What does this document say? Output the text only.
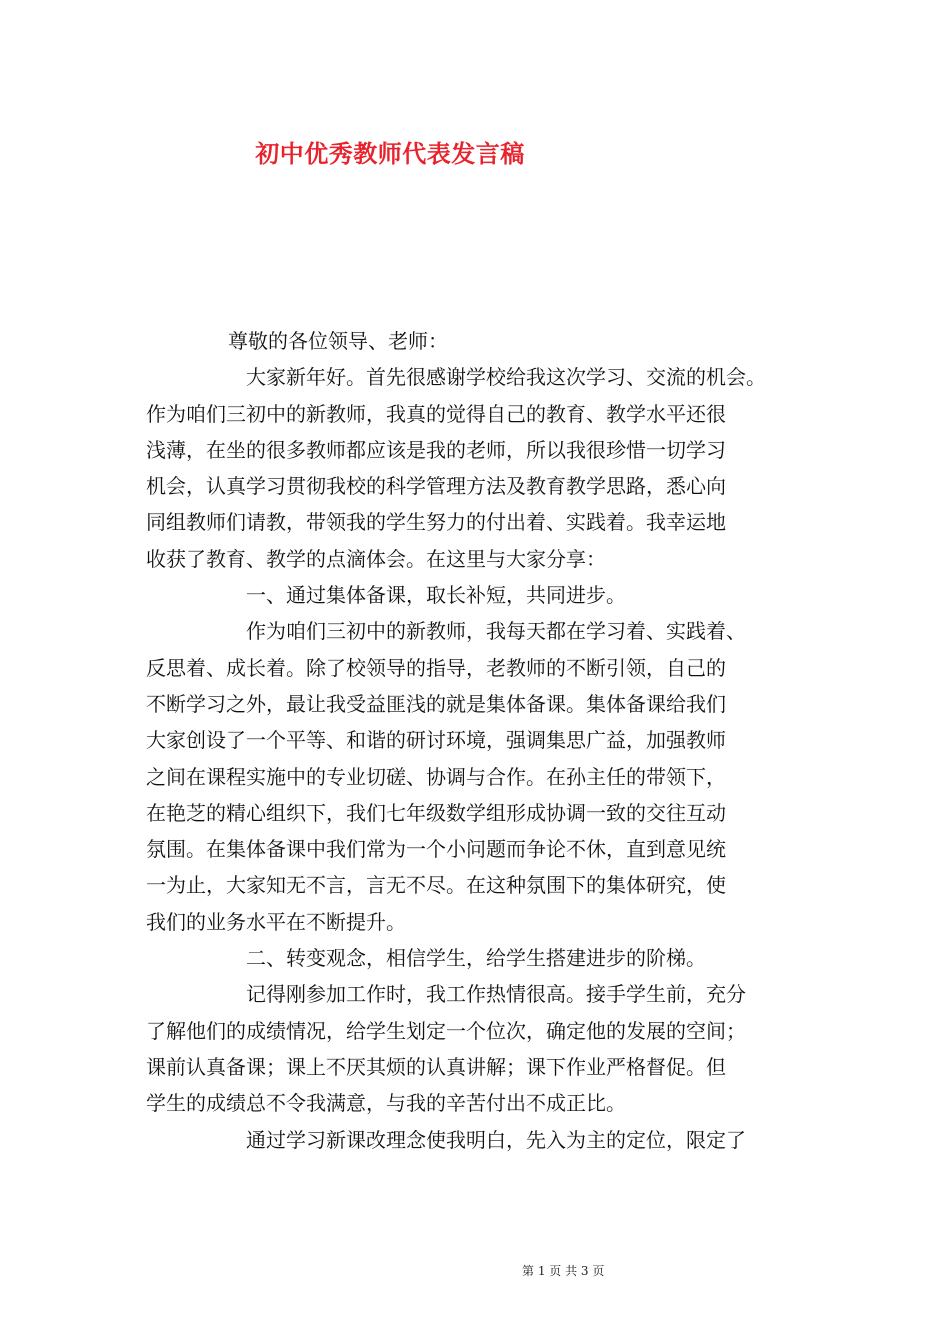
初中优秀教师代表发言稿

尊敬的各位领导、老师：

大家新年好。首先很感谢学校给我这次学习、交流的机会。

作为咱们三初中的新教师，我真的觉得自己的教育、教学水平还很

浅薄，在坐的很多教师都应该是我的老师，所以我很珍惜一切学习

机会，认真学习贯彻我校的科学管理方法及教育教学思路，悉心向

同组教师们请教，带领我的学生努力的付出着、实践着。我幸运地

收获了教育、教学的点滴体会。在这里与大家分享：

一、通过集体备课，取长补短，共同进步。

作为咱们三初中的新教师，我每天都在学习着、实践着、

反思着、成长着。除了校领导的指导，老教师的不断引领，自己的

不断学习之外，最让我受益匪浅的就是集体备课。集体备课给我们

大家创设了一个平等、和谐的研讨环境，强调集思广益，加强教师

之间在课程实施中的专业切磋、协调与合作。在孙主任的带领下，

在艳芝的精心组织下，我们七年级数学组形成协调一致的交往互动

氛围。在集体备课中我们常为一个小问题而争论不休，直到意见统

一为止，大家知无不言，言无不尽。在这种氛围下的集体研究，使

我们的业务水平在不断提升。

二、转变观念，相信学生，给学生搭建进步的阶梯。

记得刚参加工作时，我工作热情很高。接手学生前，充分

了解他们的成绩情况，给学生划定一个位次，确定他的发展的空间；

课前认真备课；课上不厌其烦的认真讲解；课下作业严格督促。但

学生的成绩总不令我满意，与我的辛苦付出不成正比。

通过学习新课改理念使我明白，先入为主的定位，限定了

第 1 页 共 3 页
